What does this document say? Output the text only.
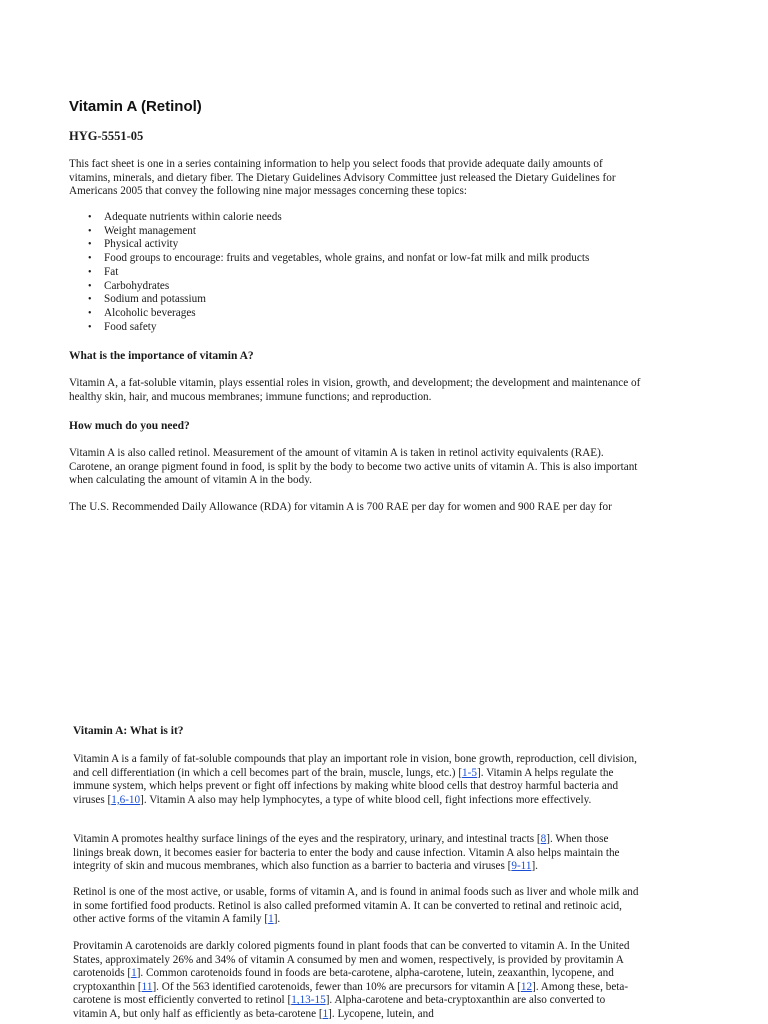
Vitamin A (Retinol)
HYG-5551-05

This fact sheet is one in a series containing information to help you select foods that provide adequate daily amounts of vitamins, minerals, and dietary fiber. The Dietary Guidelines Advisory Committee just released the Dietary Guidelines for Americans 2005 that convey the following nine major messages concerning these topics:

• Adequate nutrients within calorie needs
• Weight management
• Physical activity
• Food groups to encourage: fruits and vegetables, whole grains, and nonfat or low-fat milk and milk products
• Fat
• Carbohydrates
• Sodium and potassium
• Alcoholic beverages
• Food safety
What is the importance of vitamin A?

Vitamin A, a fat-soluble vitamin, plays essential roles in vision, growth, and development; the development and maintenance of healthy skin, hair, and mucous membranes; immune functions; and reproduction.

How much do you need?

Vitamin A is also called retinol. Measurement of the amount of vitamin A is taken in retinol activity equivalents (RAE). Carotene, an orange pigment found in food, is split by the body to become two active units of vitamin A. This is also important when calculating the amount of vitamin A in the body.

The U.S. Recommended Daily Allowance (RDA) for vitamin A is 700 RAE per day for women and 900 RAE per day for

Vitamin A: What is it?

Vitamin A is a family of fat-soluble compounds that play an important role in vision, bone growth, reproduction, cell division, and cell differentiation (in which a cell becomes part of the brain, muscle, lungs, etc.) [1-5]. Vitamin A helps regulate the immune system, which helps prevent or fight off infections by making white blood cells that destroy harmful bacteria and viruses [1,6-10]. Vitamin A also may help lymphocytes, a type of white blood cell, fight infections more effectively.

Vitamin A promotes healthy surface linings of the eyes and the respiratory, urinary, and intestinal tracts [8]. When those linings break down, it becomes easier for bacteria to enter the body and cause infection. Vitamin A also helps maintain the integrity of skin and mucous membranes, which also function as a barrier to bacteria and viruses [9-11].

Retinol is one of the most active, or usable, forms of vitamin A, and is found in animal foods such as liver and whole milk and in some fortified food products. Retinol is also called preformed vitamin A. It can be converted to retinal and retinoic acid, other active forms of the vitamin A family [1].

Provitamin A carotenoids are darkly colored pigments found in plant foods that can be converted to vitamin A. In the United States, approximately 26% and 34% of vitamin A consumed by men and women, respectively, is provided by provitamin A carotenoids [1]. Common carotenoids found in foods are beta-carotene, alpha-carotene, lutein, zeaxanthin, lycopene, and cryptoxanthin [11]. Of the 563 identified carotenoids, fewer than 10% are precursors for vitamin A [12]. Among these, beta-carotene is most efficiently converted to retinol [1,13-15]. Alpha-carotene and beta-cryptoxanthin are also converted to vitamin A, but only half as efficiently as beta-carotene [1]. Lycopene, lutein, and
